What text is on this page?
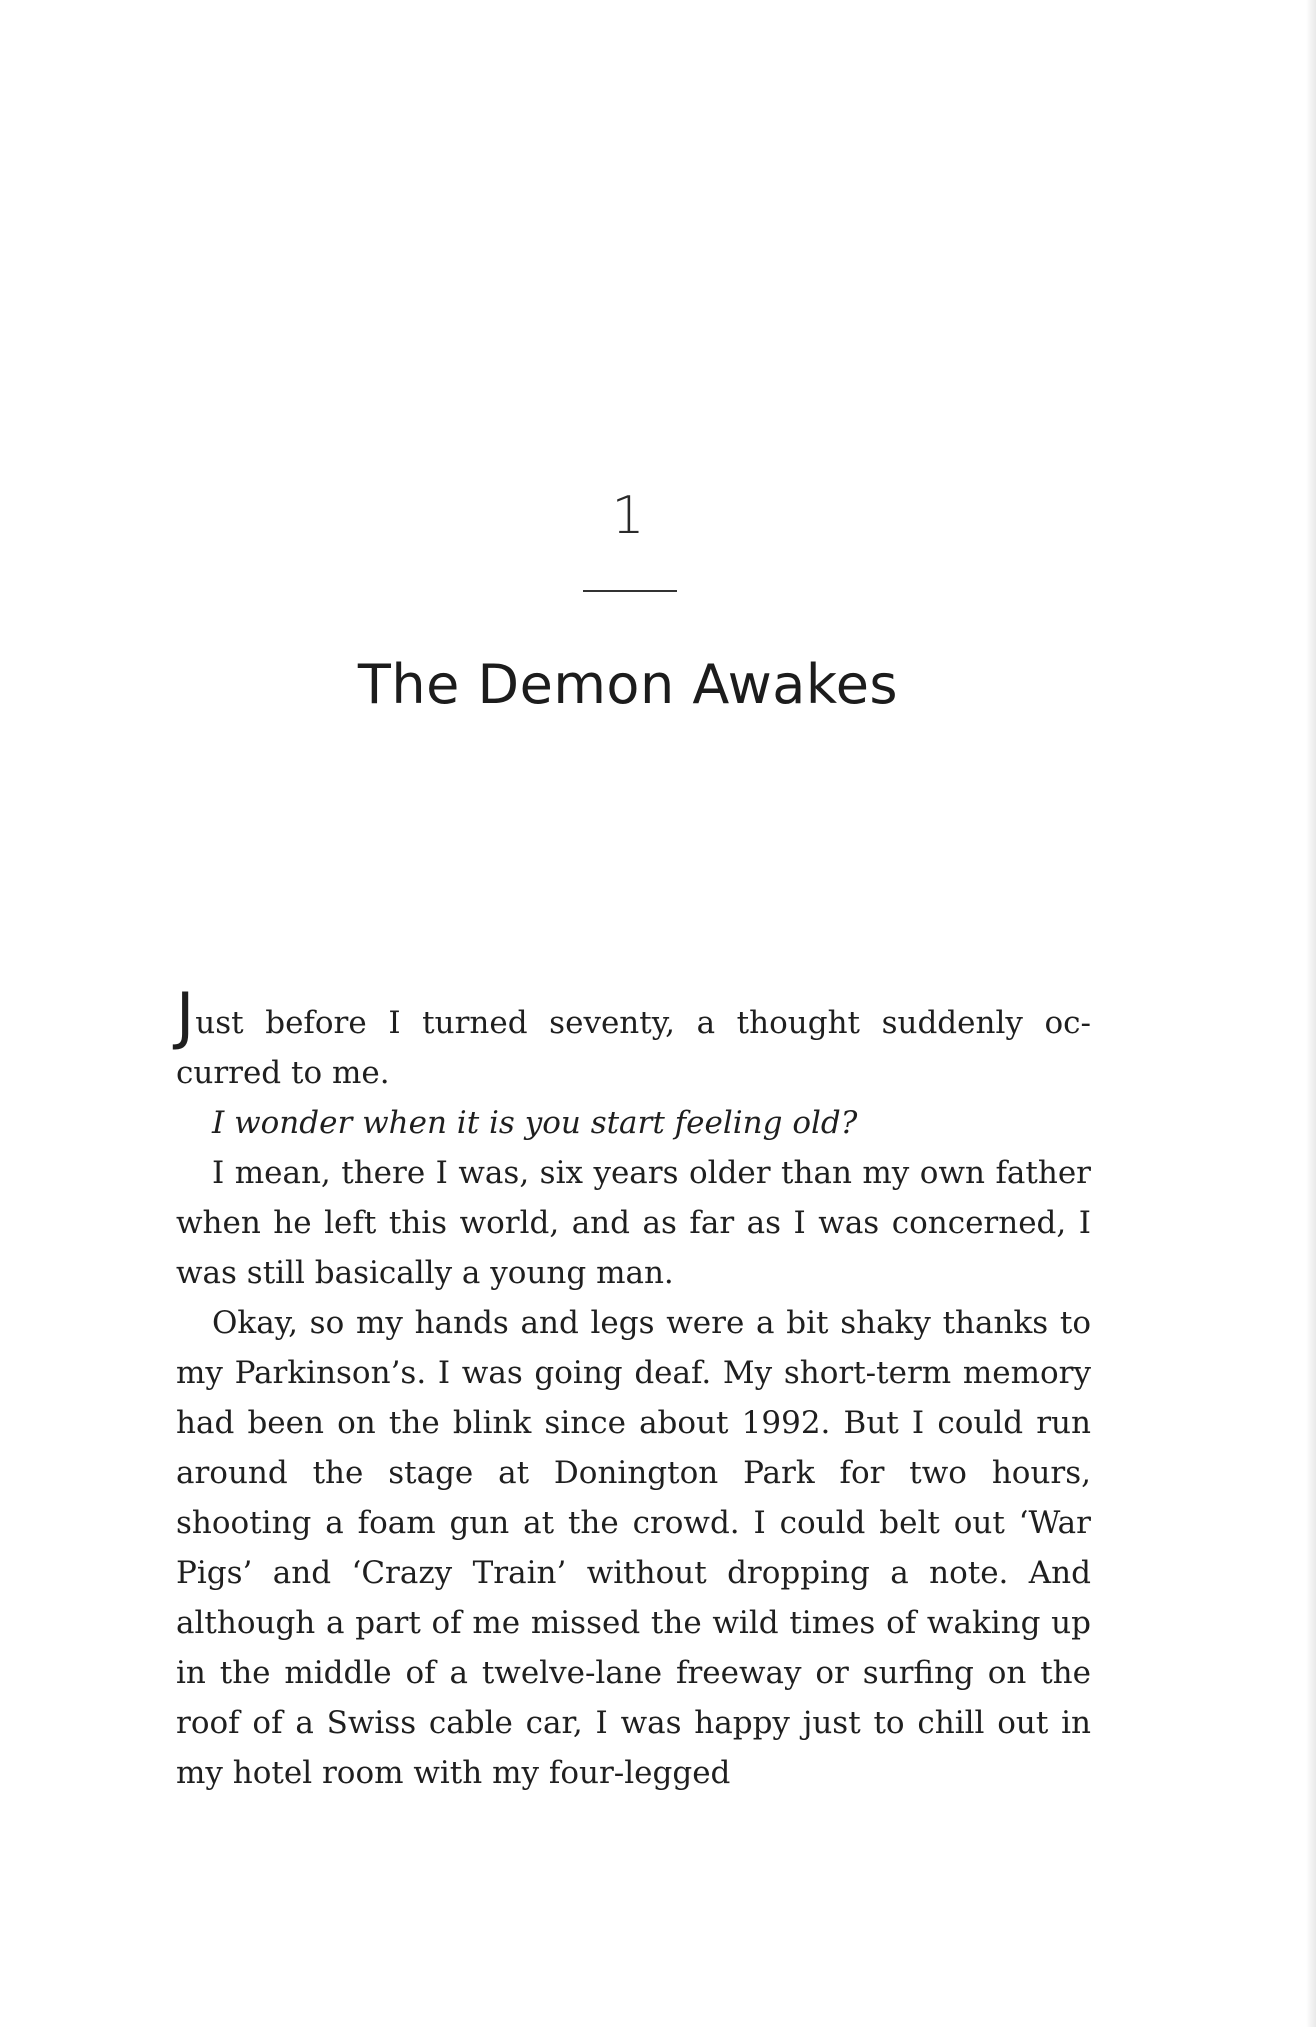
1
The Demon Awakes

Just before I turned seventy, a thought suddenly oc-curred to me.

I wonder when it is you start feeling old?

I mean, there I was, six years older than my own father when he left this world, and as far as I was concerned, I was still basically a young man.

Okay, so my hands and legs were a bit shaky thanks to my Parkinson’s. I was going deaf. My short-term memory had been on the blink since about 1992. But I could run around the stage at Donington Park for two hours, shooting a foam gun at the crowd. I could belt out ‘War Pigs’ and ‘Crazy Train’ without dropping a note. And although a part of me missed the wild times of waking up in the middle of a twelve-lane freeway or surfing on the roof of a Swiss cable car, I was happy just to chill out in my hotel room with my four-legged
